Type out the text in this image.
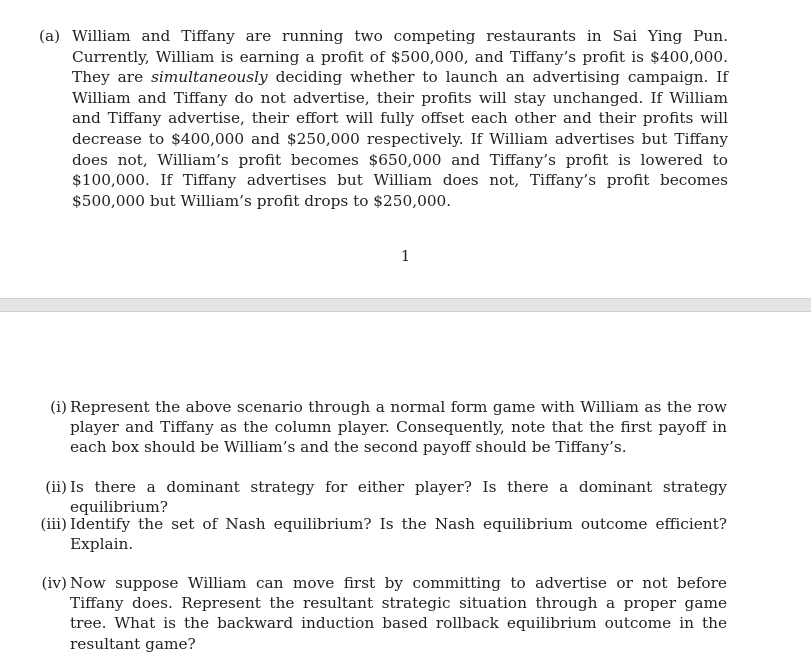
(a) William and Tiffany are running two competing restaurants in Sai Ying Pun. Currently, William is earning a profit of $500,000, and Tiffany’s profit is $400,000. They are simultaneously deciding whether to launch an advertising campaign. If William and Tiffany do not advertise, their profits will stay unchanged. If William and Tiffany advertise, their effort will fully offset each other and their profits will decrease to $400,000 and $250,000 respectively. If William advertises but Tiffany does not, William’s profit becomes $650,000 and Tiffany’s profit is lowered to $100,000. If Tiffany advertises but William does not, Tiffany’s profit becomes $500,000 but William’s profit drops to $250,000.
1
(i) Represent the above scenario through a normal form game with William as the row player and Tiffany as the column player. Consequently, note that the first payoff in each box should be William’s and the second payoff should be Tiffany’s.
(ii) Is there a dominant strategy for either player? Is there a dominant strategy equilibrium?
(iii) Identify the set of Nash equilibrium? Is the Nash equilibrium outcome efficient? Explain.
(iv) Now suppose William can move first by committing to advertise or not before Tiffany does. Represent the resultant strategic situation through a proper game tree. What is the backward induction based rollback equilibrium outcome in the resultant game?
